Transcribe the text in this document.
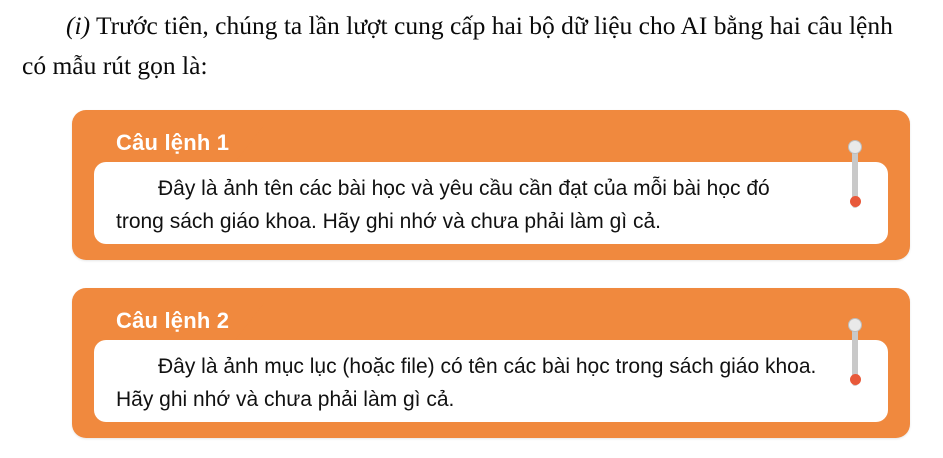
(i) Trước tiên, chúng ta lần lượt cung cấp hai bộ dữ liệu cho AI bằng hai câu lệnh
có mẫu rút gọn là:
Câu lệnh 1
Đây là ảnh tên các bài học và yêu cầu cần đạt của mỗi bài học đó
trong sách giáo khoa. Hãy ghi nhớ và chưa phải làm gì cả.
Câu lệnh 2
Đây là ảnh mục lục (hoặc file) có tên các bài học trong sách giáo khoa.
Hãy ghi nhớ và chưa phải làm gì cả.
